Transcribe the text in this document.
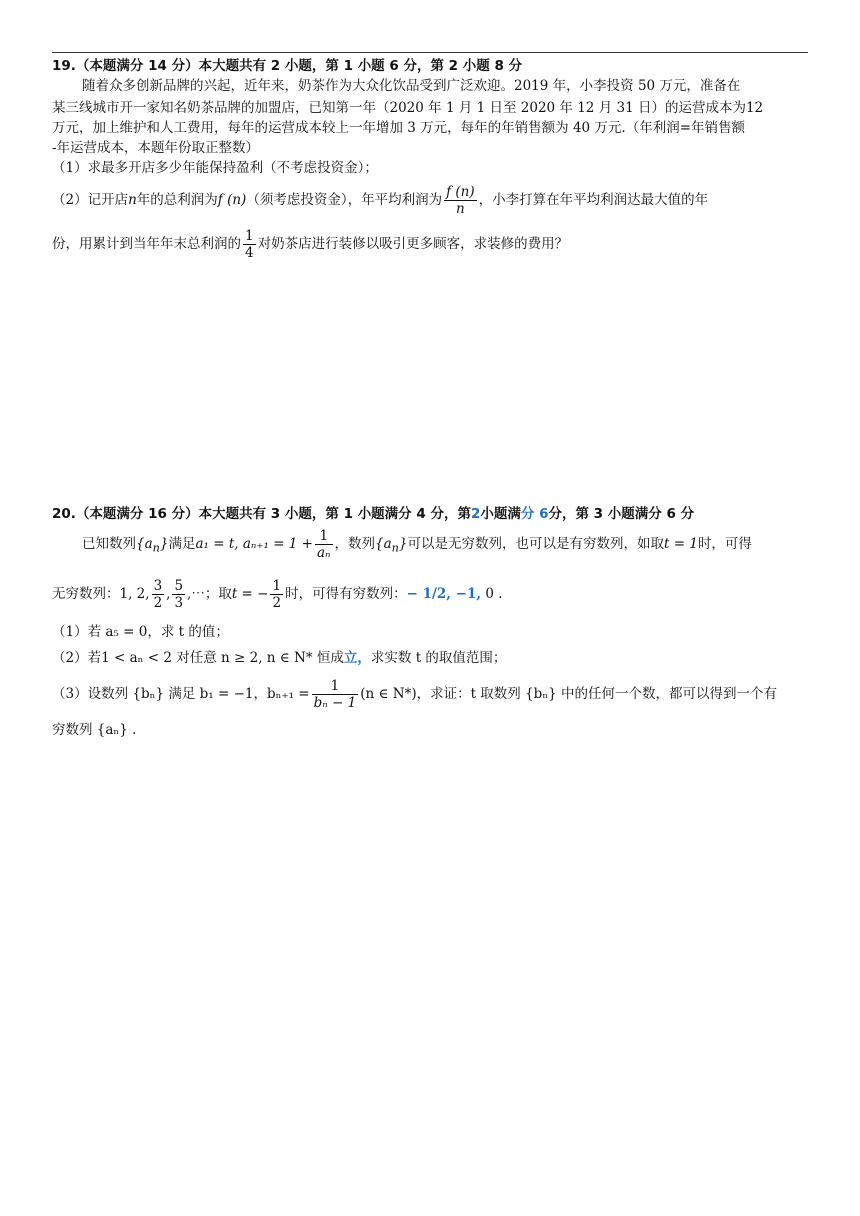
19.（本题满分 14 分）本大题共有 2 小题，第 1 小题 6 分，第 2 小题 8 分
随着众多创新品牌的兴起，近年来，奶茶作为大众化饮品受到广泛欢迎。2019 年，小李投资 50 万元，准备在
某三线城市开一家知名奶茶品牌的加盟店，已知第一年（2020 年 1 月 1 日至 2020 年 12 月 31 日）的运营成本为12
万元，加上维护和人工费用，每年的运营成本较上一年增加 3 万元，每年的年销售额为 40 万元.（年利润=年销售额
-年运营成本，本题年份取正整数）
（1）求最多开店多少年能保持盈利（不考虑投资金）；
（2）记开店n年的总利润为f (n)（须考虑投资金），年平均利润为 $\frac{f (n)}{n}$ ，小李打算在年平均利润达最大值的年
份，用累计到当年年末总利润的 $\frac{1}{4}$ 对奶茶店进行装修以吸引更多顾客，求装修的费用？
20.（本题满分 16 分）本大题共有 3 小题，第 1 小题满分 4 分，第2小题满分 6分，第 3 小题满分 6 分
已知数列$\{a_n\}$满足a₁ = t, $a_{n+1} = 1 + \frac{1}{\text{aₙ}}$ ，数列$\{a_n\}$可以是无穷数列，也可以是有穷数列，如取t = 1时，可得
无穷数列：1, 2, $\frac{3}{2}$ , $\frac{5}{3}$ ,⋯；取t = − $\frac{1}{2}$ 时，可得有穷数列：− 1/2, −1, 0 .
（1）若 a₅ = 0，求 t 的值；
（2）若1 < aₙ < 2 对任意 n ≥ 2, n ∈ N* 恒成立，求实数 t 的取值范围；
（3）设数列 {bₙ} 满足 b₁ = −1，$b_{n+1} = \frac{1}{\text{bₙ − 1}} (n$ ∈ N*)，求证：t 取数列 {bₙ} 中的任何一个数，都可以得到一个有
穷数列 {aₙ} .
